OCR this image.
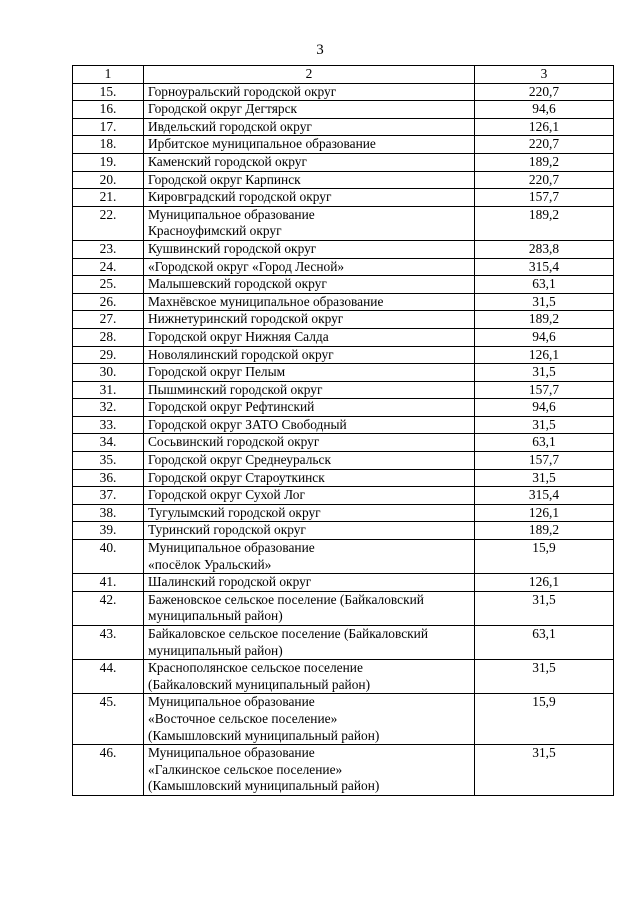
3
1	2	3
15.	Горноуральский городской округ	220,7
16.	Городской округ Дегтярск	94,6
17.	Ивдельский городской округ	126,1
18.	Ирбитское муниципальное образование	220,7
19.	Каменский городской округ	189,2
20.	Городской округ Карпинск	220,7
21.	Кировградский городской округ	157,7
22.	Муниципальное образование
Красноуфимский округ	189,2
23.	Кушвинский городской округ	283,8
24.	«Городской округ «Город Лесной»	315,4
25.	Малышевский городской округ	63,1
26.	Махнёвское муниципальное образование	31,5
27.	Нижнетуринский городской округ	189,2
28.	Городской округ Нижняя Салда	94,6
29.	Новолялинский городской округ	126,1
30.	Городской округ Пелым	31,5
31.	Пышминский городской округ	157,7
32.	Городской округ Рефтинский	94,6
33.	Городской округ ЗАТО Свободный	31,5
34.	Сосьвинский городской округ	63,1
35.	Городской округ Среднеуральск	157,7
36.	Городской округ Староуткинск	31,5
37.	Городской округ Сухой Лог	315,4
38.	Тугулымский городской округ	126,1
39.	Туринский городской округ	189,2
40.	Муниципальное образование
«посёлок Уральский»	15,9
41.	Шалинский городской округ	126,1
42.	Баженовское сельское поселение (Байкаловский
муниципальный район)	31,5
43.	Байкаловское сельское поселение (Байкаловский
муниципальный район)	63,1
44.	Краснополянское сельское поселение
(Байкаловский муниципальный район)	31,5
45.	Муниципальное образование
«Восточное сельское поселение»
(Камышловский муниципальный район)	15,9
46.	Муниципальное образование
«Галкинское сельское поселение»
(Камышловский муниципальный район)	31,5
